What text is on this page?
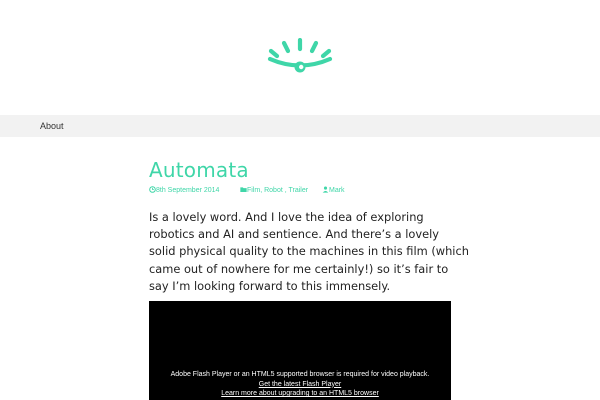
About
Automata
8th September 2014	Film, Robot , Trailer	Mark

Is a lovely word. And I love the idea of exploring robotics and AI and sentience. And there’s a lovely solid physical quality to the machines in this film (which came out of nowhere for me certainly!) so it’s fair to say I’m looking forward to this immensely.

Adobe Flash Player or an HTML5 supported browser is required for video playback.
Get the latest Flash Player
Learn more about upgrading to an HTML5 browser
